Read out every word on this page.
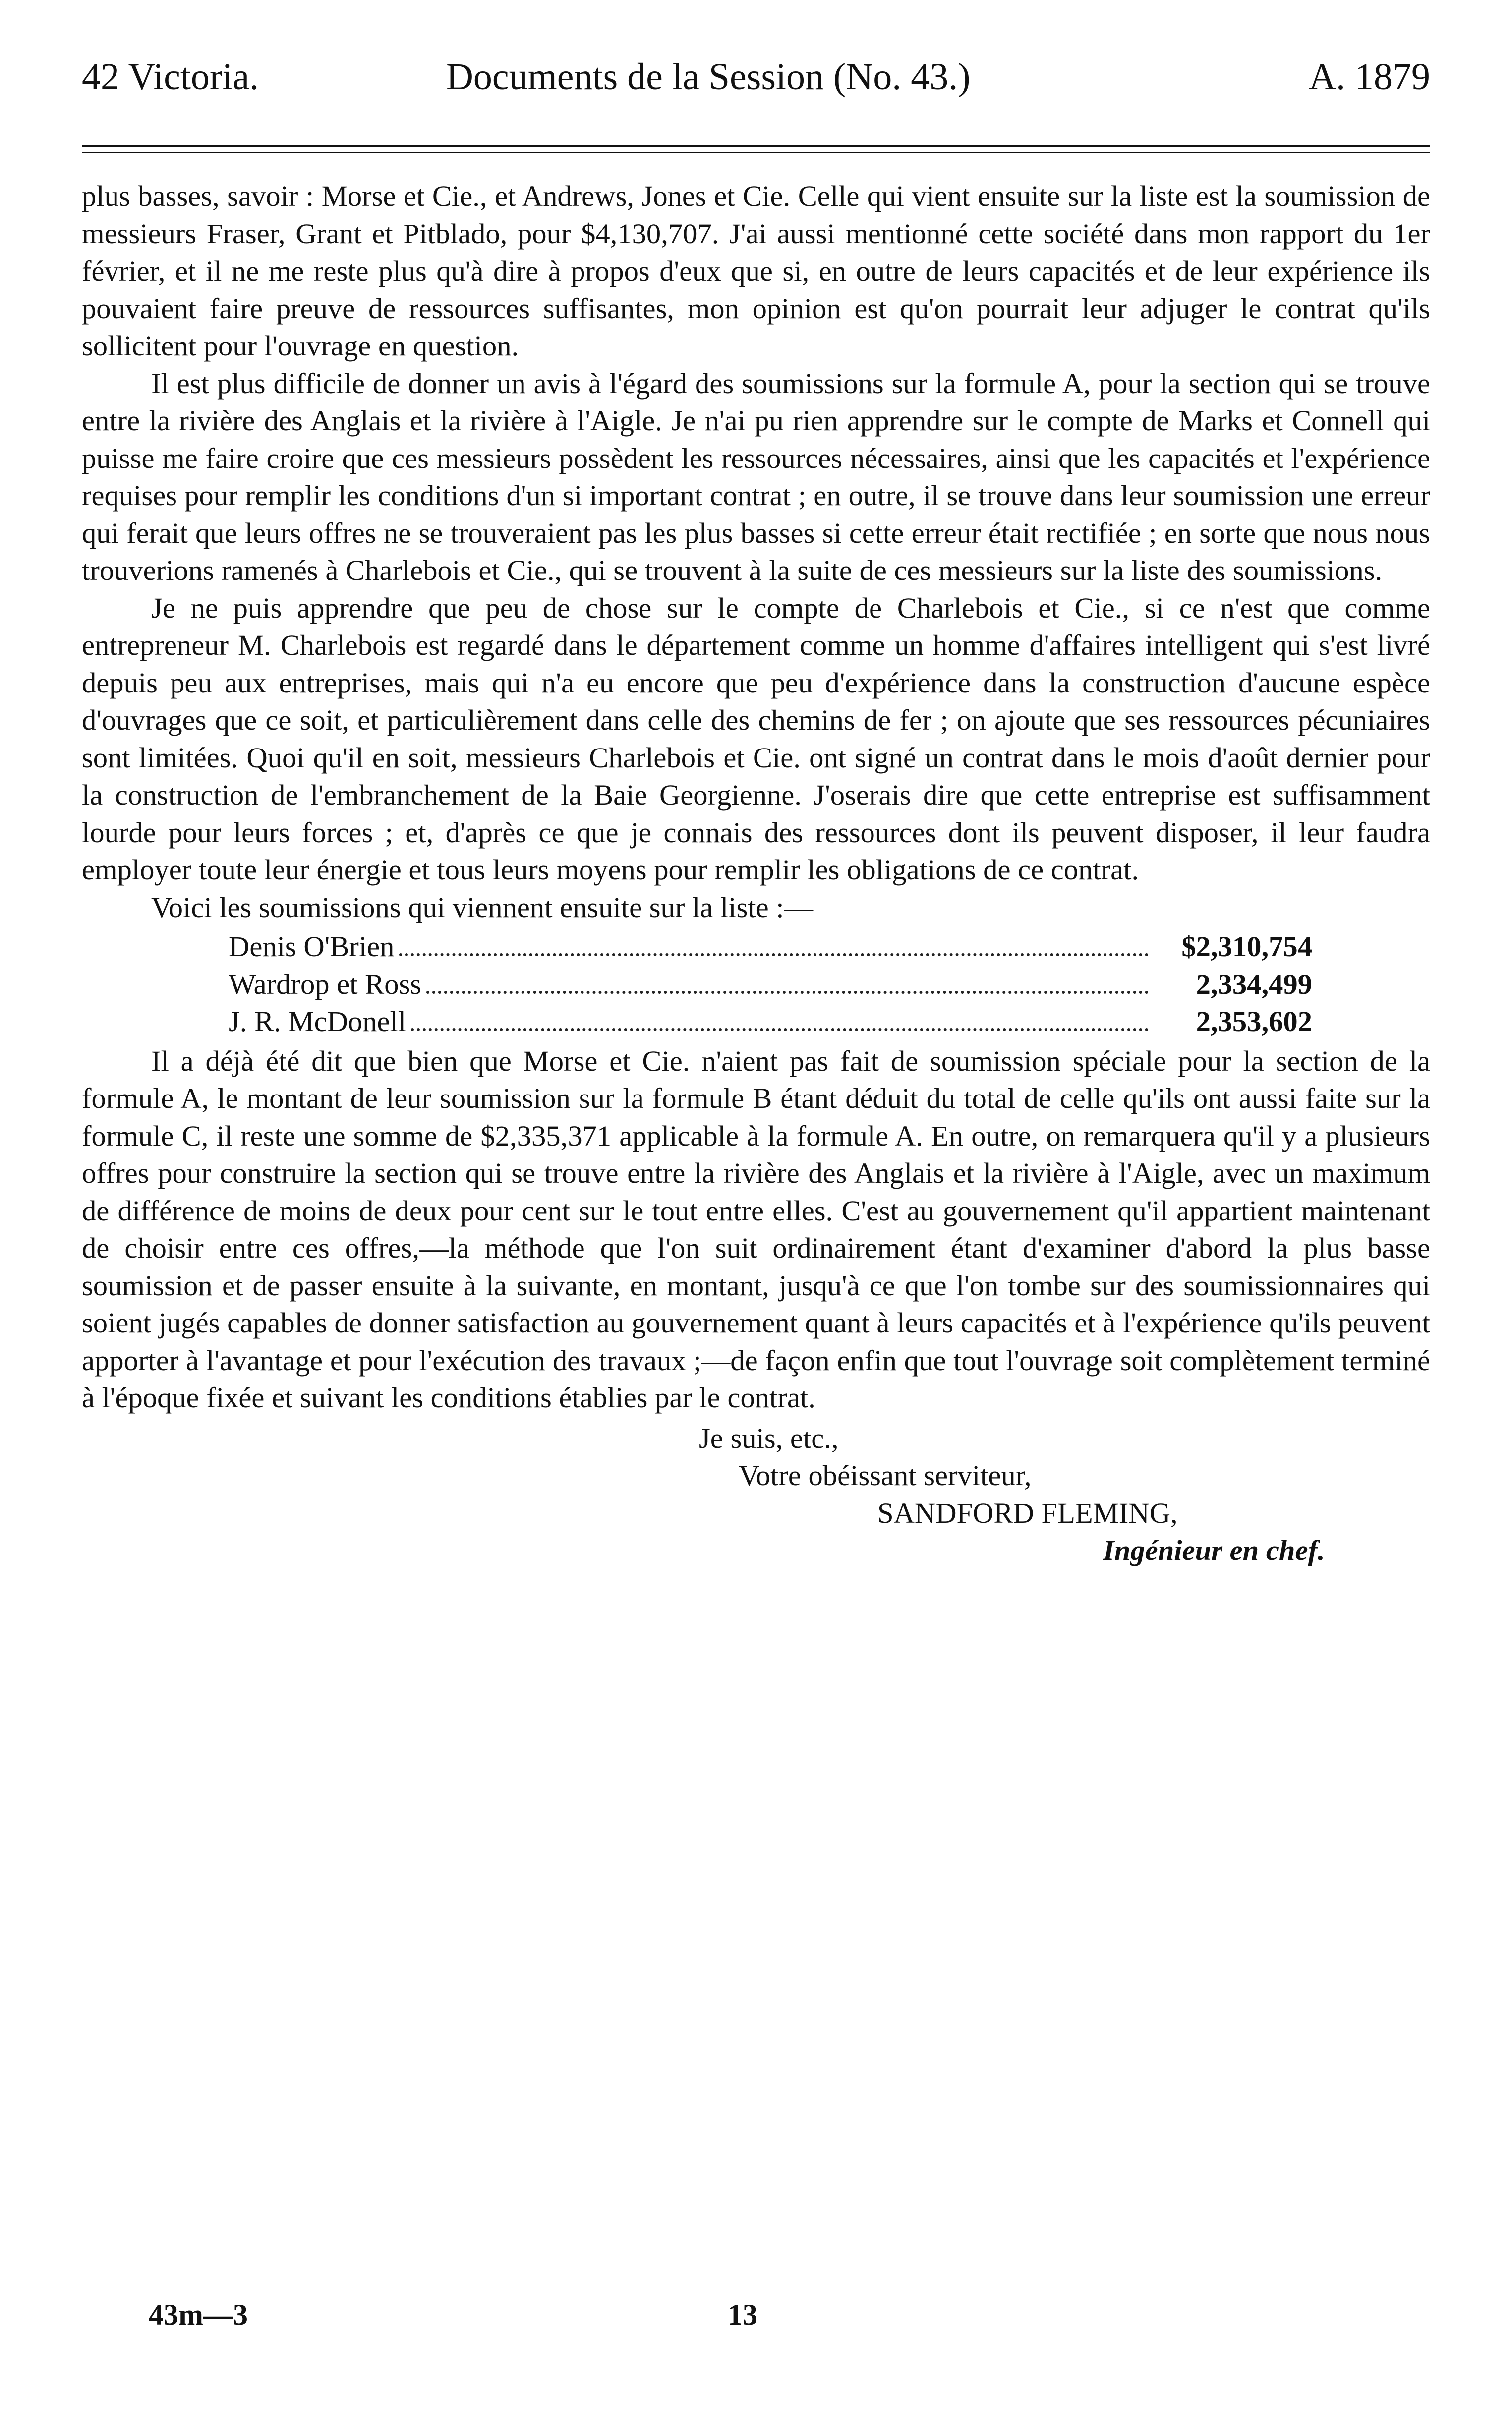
42 Victoria.	Documents de la Session (No. 43.)	A. 1879

plus basses, savoir : Morse et Cie., et Andrews, Jones et Cie. Celle qui vient ensuite sur la liste est la soumission de messieurs Fraser, Grant et Pitblado, pour $4,130,707. J'ai aussi mentionné cette société dans mon rapport du 1er février, et il ne me reste plus qu'à dire à propos d'eux que si, en outre de leurs capacités et de leur expérience ils pouvaient faire preuve de ressources suffisantes, mon opinion est qu'on pourrait leur adjuger le contrat qu'ils sollicitent pour l'ouvrage en question.

Il est plus difficile de donner un avis à l'égard des soumissions sur la formule A, pour la section qui se trouve entre la rivière des Anglais et la rivière à l'Aigle. Je n'ai pu rien apprendre sur le compte de Marks et Connell qui puisse me faire croire que ces messieurs possèdent les ressources nécessaires, ainsi que les capacités et l'expérience requises pour remplir les conditions d'un si important contrat ; en outre, il se trouve dans leur soumission une erreur qui ferait que leurs offres ne se trouveraient pas les plus basses si cette erreur était rectifiée ; en sorte que nous nous trouverions ramenés à Charlebois et Cie., qui se trouvent à la suite de ces messieurs sur la liste des soumissions.

Je ne puis apprendre que peu de chose sur le compte de Charlebois et Cie., si ce n'est que comme entrepreneur M. Charlebois est regardé dans le département comme un homme d'affaires intelligent qui s'est livré depuis peu aux entreprises, mais qui n'a eu encore que peu d'expérience dans la construction d'aucune espèce d'ouvrages que ce soit, et particulièrement dans celle des chemins de fer ; on ajoute que ses ressources pécuniaires sont limitées. Quoi qu'il en soit, messieurs Charlebois et Cie. ont signé un contrat dans le mois d'août dernier pour la construction de l'embranchement de la Baie Georgienne. J'oserais dire que cette entreprise est suffisamment lourde pour leurs forces ; et, d'après ce que je connais des ressources dont ils peuvent disposer, il leur faudra employer toute leur énergie et tous leurs moyens pour remplir les obligations de ce contrat.

Voici les soumissions qui viennent ensuite sur la liste :—

Denis O'Brien	$2,310,754
Wardrop et Ross	2,334,499
J. R. McDonell	2,353,602

Il a déjà été dit que bien que Morse et Cie. n'aient pas fait de soumission spéciale pour la section de la formule A, le montant de leur soumission sur la formule B étant déduit du total de celle qu'ils ont aussi faite sur la formule C, il reste une somme de $2,335,371 applicable à la formule A. En outre, on remarquera qu'il y a plusieurs offres pour construire la section qui se trouve entre la rivière des Anglais et la rivière à l'Aigle, avec un maximum de différence de moins de deux pour cent sur le tout entre elles. C'est au gouvernement qu'il appartient maintenant de choisir entre ces offres,—la méthode que l'on suit ordinairement étant d'examiner d'abord la plus basse soumission et de passer ensuite à la suivante, en montant, jusqu'à ce que l'on tombe sur des soumissionnaires qui soient jugés capables de donner satisfaction au gouvernement quant à leurs capacités et à l'expérience qu'ils peuvent apporter à l'avantage et pour l'exécution des travaux ;—de façon enfin que tout l'ouvrage soit complètement terminé à l'époque fixée et suivant les conditions établies par le contrat.

Je suis, etc.,
Votre obéissant serviteur,
SANDFORD FLEMING,
Ingénieur en chef.
43m—3	13
